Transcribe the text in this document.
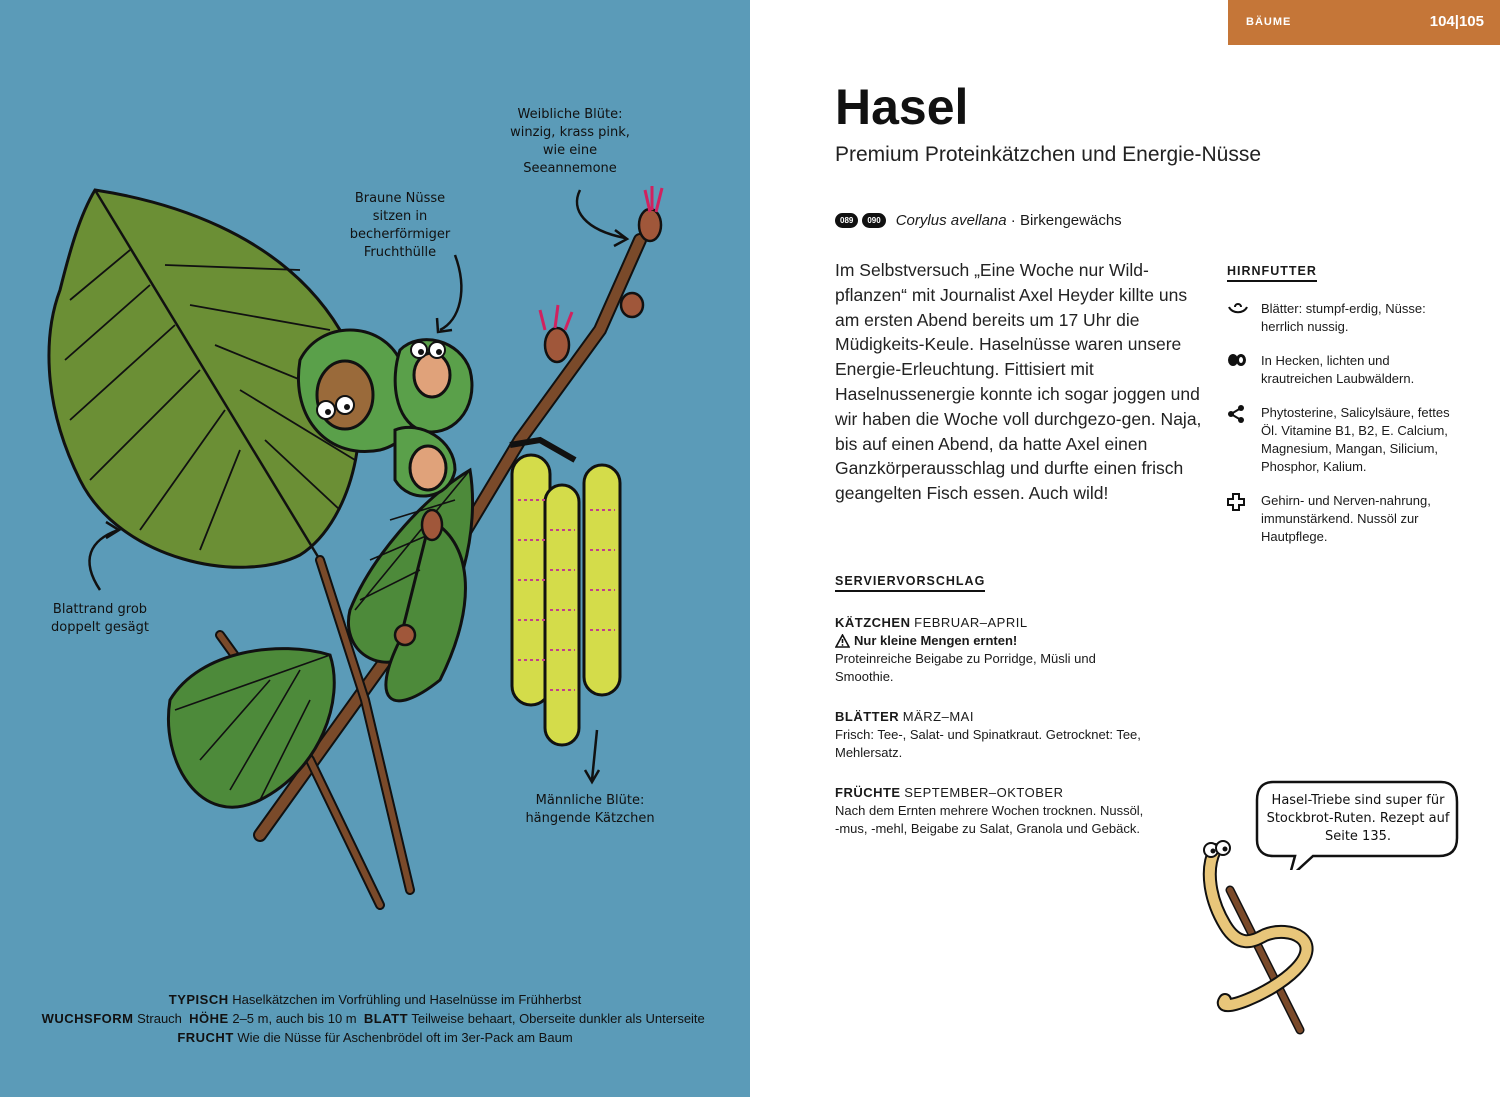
Weibliche Blüte: winzig, krass pink, wie eine Seeannemone
Braune Nüsse sitzen in becherförmiger Fruchthülle
Blattrand grob doppelt gesägt
Männliche Blüte: hängende Kätzchen
TYPISCH Haselkätzchen im Vorfrühling und Haselnüsse im Frühherbst
WUCHSFORM Strauch HÖHE 2–5 m, auch bis 10 m BLATT Teilweise behaart, Oberseite dunkler als Unterseite  FRUCHT Wie die Nüsse für Aschenbrödel oft im 3er-Pack am Baum
BÄUME	104|105
Hasel
Premium Proteinkätzchen und Energie-Nüsse
089	090	Corylus avellana
· Birkengewächs

Im Selbstversuch „Eine Woche nur Wild-pflanzen“ mit Journalist Axel Heyder killte uns am ersten Abend bereits um 17 Uhr die Müdigkeits-Keule. Haselnüsse waren unsere Energie-Erleuchtung. Fittisiert mit Haselnussenergie konnte ich sogar joggen und wir haben die Woche voll durchgezo-gen. Naja, bis auf einen Abend, da hatte Axel einen Ganzkörperausschlag und durfte einen frisch geangelten Fisch essen. Auch wild!

HIRNFUTTER
Blätter: stumpf-erdig, Nüsse: herrlich nussig.
In Hecken, lichten und krautreichen Laubwäldern.
Phytosterine, Salicylsäure, fettes Öl. Vitamine B1, B2, E. Calcium, Magnesium, Mangan, Silicium, Phosphor, Kalium.
Gehirn- und Nerven-nahrung, immunstärkend. Nussöl zur Hautpflege.
SERVIERVORSCHLAG
KÄTZCHEN FEBRUAR–APRIL
Nur kleine Mengen ernten!
Proteinreiche Beigabe zu Porridge, Müsli und Smoothie.
BLÄTTER MÄRZ–MAI
Frisch: Tee-, Salat- und Spinatkraut. Getrocknet: Tee, Mehlersatz.
FRÜCHTE SEPTEMBER–OKTOBER
Nach dem Ernten mehrere Wochen trocknen. Nussöl, -mus, -mehl, Beigabe zu Salat, Granola und Gebäck.
Hasel-Triebe sind super für Stockbrot-Ruten. Rezept auf Seite 135.
